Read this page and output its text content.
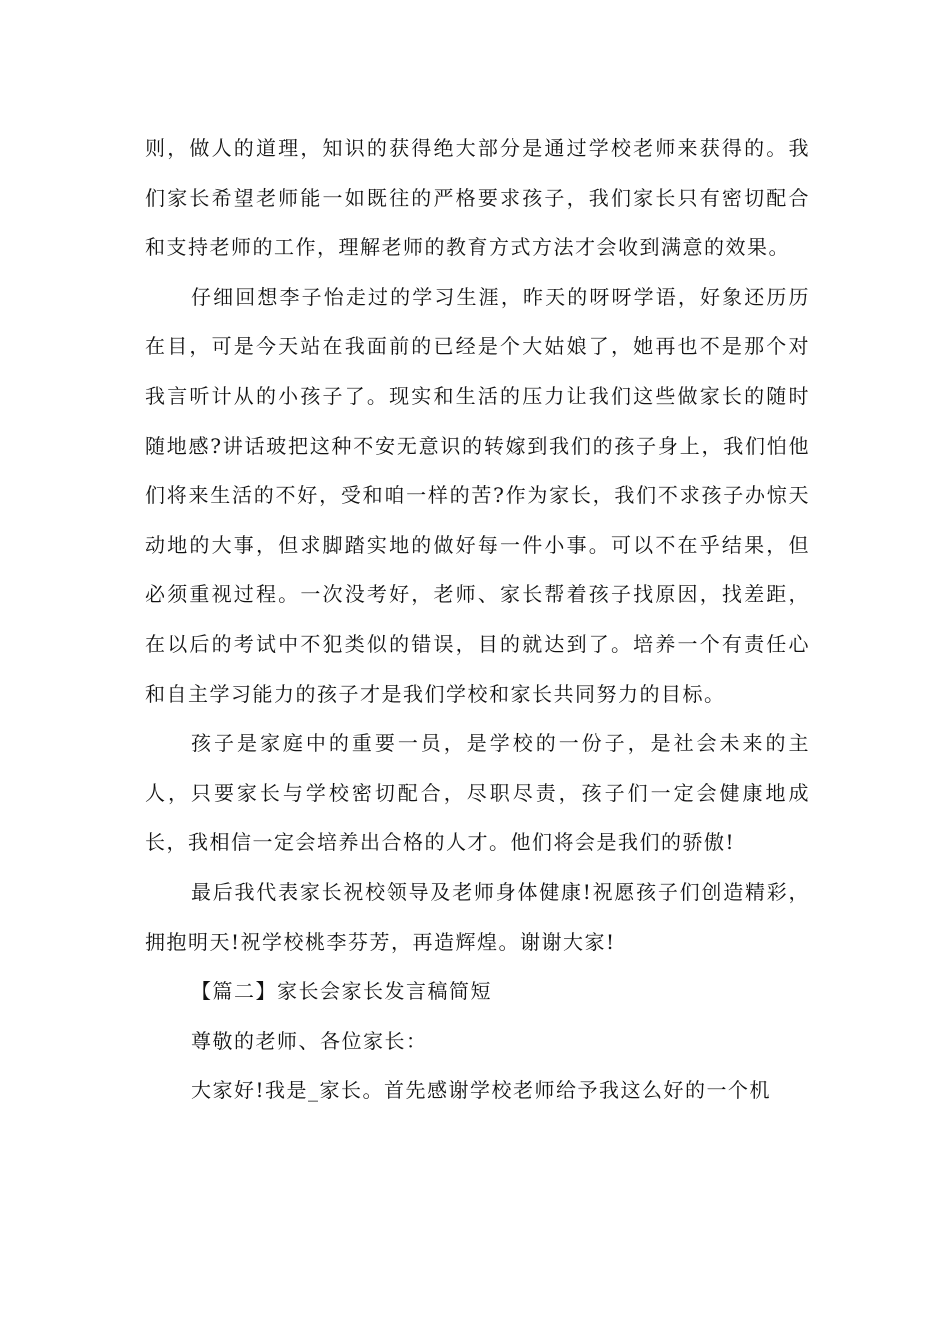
则，做人的道理，知识的获得绝大部分是通过学校老师来获得的。我们家长希望老师能一如既往的严格要求孩子，我们家长只有密切配合和支持老师的工作，理解老师的教育方式方法才会收到满意的效果。

仔细回想李子怡走过的学习生涯，昨天的呀呀学语，好象还历历在目，可是今天站在我面前的已经是个大姑娘了，她再也不是那个对我言听计从的小孩子了。现实和生活的压力让我们这些做家长的随时随地感?讲话玻把这种不安无意识的转嫁到我们的孩子身上，我们怕他们将来生活的不好，受和咱一样的苦?作为家长，我们不求孩子办惊天动地的大事，但求脚踏实地的做好每一件小事。可以不在乎结果，但必须重视过程。一次没考好，老师、家长帮着孩子找原因，找差距，在以后的考试中不犯类似的错误，目的就达到了。培养一个有责任心和自主学习能力的孩子才是我们学校和家长共同努力的目标。

孩子是家庭中的重要一员，是学校的一份子，是社会未来的主人，只要家长与学校密切配合，尽职尽责，孩子们一定会健康地成长，我相信一定会培养出合格的人才。他们将会是我们的骄傲!

最后我代表家长祝校领导及老师身体健康!祝愿孩子们创造精彩，拥抱明天!祝学校桃李芬芳，再造辉煌。谢谢大家!

【篇二】家长会家长发言稿简短

尊敬的老师、各位家长：

大家好!我是_家长。首先感谢学校老师给予我这么好的一个机
